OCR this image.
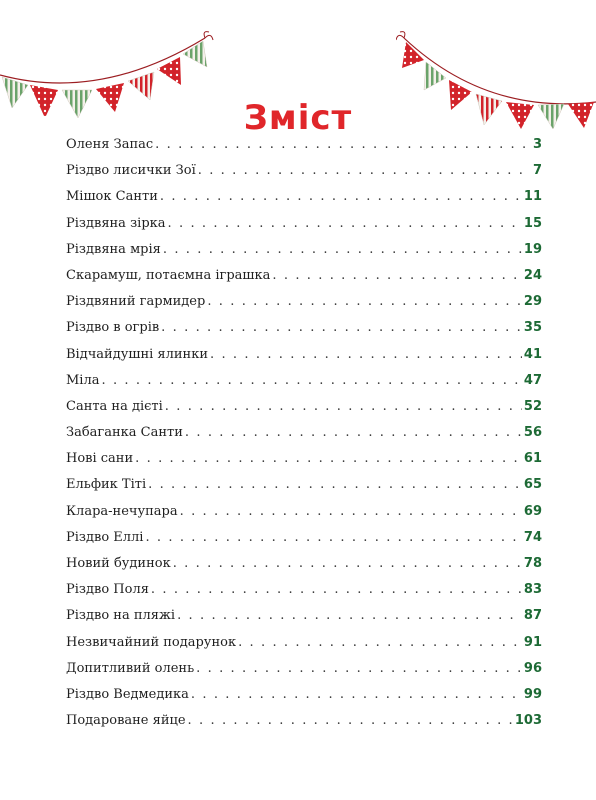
Зміст
Оленя Запас . . .	3
Різдво лисички Зої . . .	7
Мішок Санти . . .	11
Різдвяна зірка . . .	15
Різдвяна мрія . . .	19
Скарамуш, потаємна іграшка . . .	24
Різдвяний гармидер . . .	29
Різдво в огрів . . .	35
Відчайдушні ялинки . . .	41
Міла . . .	47
Санта на дієті . . .	52
Забаганка Санти . . .	56
Нові сани . . .	61
Ельфик Тіті . . .	65
Клара-нечупара . . .	69
Різдво Еллі . . .	74
Новий будинок . . .	78
Різдво Поля . . .	83
Різдво на пляжі . . .	87
Незвичайний подарунок . . .	91
Допитливий олень . . .	96
Різдво Ведмедика . . .	99
Подароване яйце . . .	103
